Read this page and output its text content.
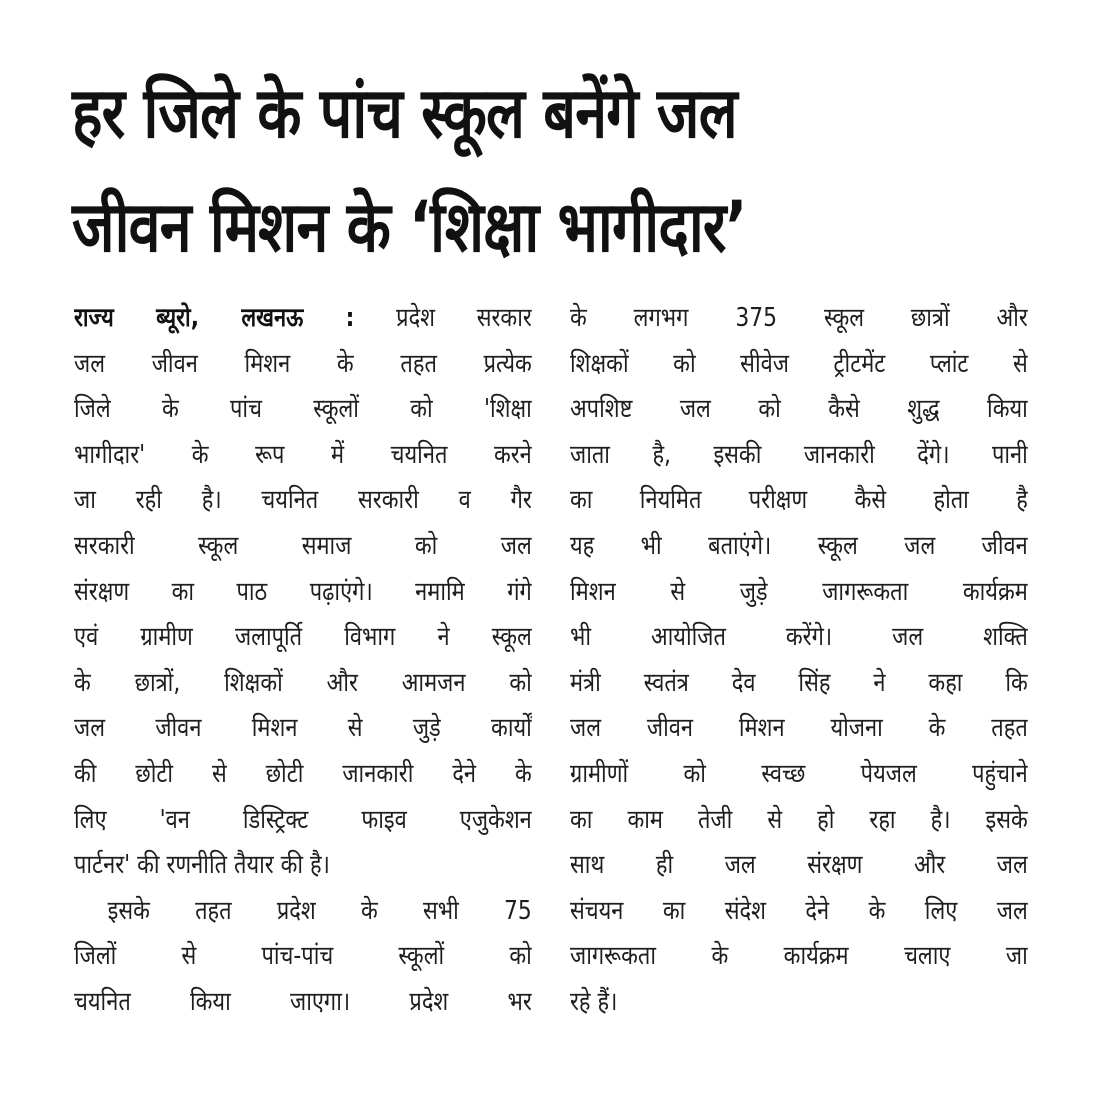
हर जिले के पांच स्कूल बनेंगे जल
जीवन मिशन के ‘शिक्षा भागीदार’
राज्य ब्यूरो, लखनऊ : प्रदेश सरकार
जल जीवन मिशन के तहत प्रत्येक
जिले के पांच स्कूलों को 'शिक्षा
भागीदार' के रूप में चयनित करने
जा रही है। चयनित सरकारी व गैर
सरकारी स्कूल समाज को जल
संरक्षण का पाठ पढ़ाएंगे। नमामि गंगे
एवं ग्रामीण जलापूर्ति विभाग ने स्कूल
के छात्रों, शिक्षकों और आमजन को
जल जीवन मिशन से जुड़े कार्यों
की छोटी से छोटी जानकारी देने के
लिए 'वन डिस्ट्रिक्ट फाइव एजुकेशन
पार्टनर' की रणनीति तैयार की है।
इसके तहत प्रदेश के सभी 75
जिलों से पांच-पांच स्कूलों को
चयनित किया जाएगा। प्रदेश भर
के लगभग 375 स्कूल छात्रों और
शिक्षकों को सीवेज ट्रीटमेंट प्लांट से
अपशिष्ट जल को कैसे शुद्ध किया
जाता है, इसकी जानकारी देंगे। पानी
का नियमित परीक्षण कैसे होता है
यह भी बताएंगे। स्कूल जल जीवन
मिशन से जुड़े जागरूकता कार्यक्रम
भी आयोजित करेंगे। जल शक्ति
मंत्री स्वतंत्र देव सिंह ने कहा कि
जल जीवन मिशन योजना के तहत
ग्रामीणों को स्वच्छ पेयजल पहुंचाने
का काम तेजी से हो रहा है। इसके
साथ ही जल संरक्षण और जल
संचयन का संदेश देने के लिए जल
जागरूकता के कार्यक्रम चलाए जा
रहे हैं।
